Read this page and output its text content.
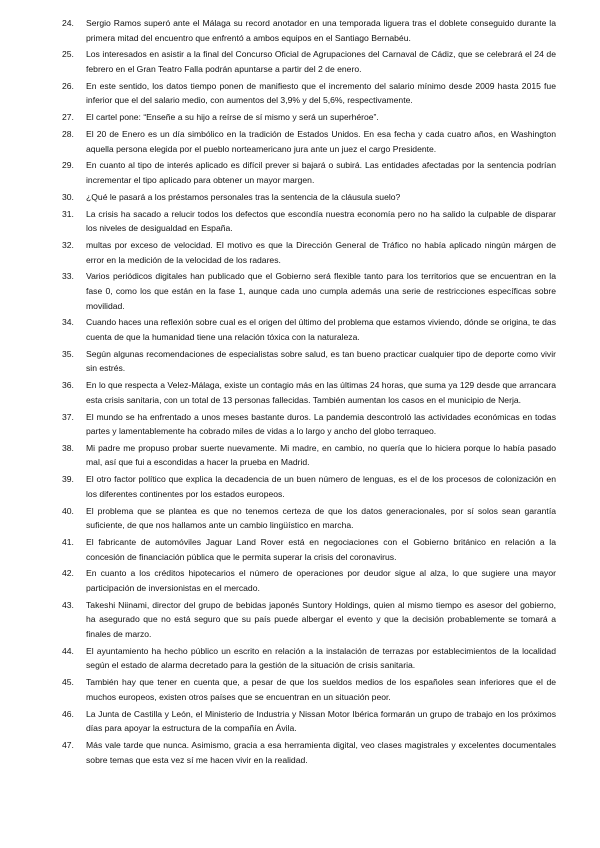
24.	Sergio Ramos superó ante el Málaga su record anotador en una temporada liguera tras el doblete conseguido durante la primera mitad del encuentro que enfrentó a ambos equipos en el Santiago Bernabéu.
25.	Los interesados en asistir a la final del Concurso Oficial de Agrupaciones del Carnaval de Cádiz, que se celebrará el 24 de febrero en el Gran Teatro Falla podrán apuntarse a partir del 2 de enero.
26.	En este sentido, los datos tiempo ponen de manifiesto que el incremento del salario mínimo desde 2009 hasta 2015 fue inferior que el del salario medio, con aumentos del 3,9% y del 5,6%, respectivamente.
27.	El cartel pone: “Enseñe a su hijo a reírse de sí mismo y será un superhéroe”.
28.	El 20 de Enero es un día simbólico en la tradición de Estados Unidos. En esa fecha y cada cuatro años, en Washington aquella persona elegida por el pueblo norteamericano jura ante un juez el cargo Presidente.
29.	En cuanto al tipo de interés aplicado es difícil prever si bajará o subirá. Las entidades afectadas por la sentencia podrían incrementar el tipo aplicado para obtener un mayor margen.
30.	¿Qué le pasará a los préstamos personales tras la sentencia de la cláusula suelo?
31.	La crisis ha sacado a relucir todos los defectos que escondía nuestra economía pero no ha salido la culpable de disparar los niveles de desigualdad en España.
32.	multas por exceso de velocidad. El motivo es que la Dirección General de Tráfico no había aplicado ningún márgen de error en la medición de la velocidad de los radares.
33.	Varios periódicos digitales han publicado que el Gobierno será flexible tanto para los territorios que se encuentran en la fase 0, como los que están en la fase 1, aunque cada uno cumpla además una serie de restricciones específicas sobre movilidad.
34.	Cuando haces una reflexión sobre cual es el origen del último del problema que estamos viviendo, dónde se origina, te das cuenta de que la humanidad tiene una relación tóxica con la naturaleza.
35.	Según algunas recomendaciones de especialistas sobre salud, es tan bueno practicar cualquier tipo de deporte como vivir sin estrés.
36.	En lo que respecta a Velez-Málaga, existe un contagio más en las últimas 24 horas, que suma ya 129 desde que arrancara esta crisis sanitaria, con un total de 13 personas fallecidas. También aumentan los casos en el municipio de Nerja.
37.	El mundo se ha enfrentado a unos meses bastante duros. La pandemia descontroló las actividades económicas en todas partes y lamentablemente ha cobrado miles de vidas a lo largo y ancho del globo terraqueo.
38.	Mi padre me propuso probar suerte nuevamente. Mi madre, en cambio, no quería que lo hiciera porque lo había pasado mal, así que fui a escondidas a hacer la prueba en Madrid.
39.	El otro factor político que explica la decadencia de un buen número de lenguas, es el de los procesos de colonización en los diferentes continentes por los estados europeos.
40.	El problema que se plantea es que no tenemos certeza de que los datos generacionales, por sí solos sean garantía suficiente, de que nos hallamos ante un cambio lingüístico en marcha.
41.	El fabricante de automóviles Jaguar Land Rover está en negociaciones con el Gobierno británico en relación a la concesión de financiación pública que le permita superar la crisis del coronavirus.
42.	En cuanto a los créditos hipotecarios el número de operaciones por deudor sigue al alza, lo que sugiere una mayor participación de inversionistas en el mercado.
43.	Takeshi Niinami, director del grupo de bebidas japonés Suntory Holdings, quien al mismo tiempo es asesor del gobierno, ha asegurado que no está seguro que su país puede albergar el evento y que la decisión probablemente se tomará a finales de marzo.
44.	El ayuntamiento ha hecho público un escrito en relación a la instalación de terrazas por establecimientos de la localidad según el estado de alarma decretado para la gestión de la situación de crisis sanitaria.
45.	También hay que tener en cuenta que, a pesar de que los sueldos medios de los españoles sean inferiores que el de muchos europeos, existen otros países que se encuentran en un situación peor.
46.	La Junta de Castilla y León, el Ministerio de Industria y Nissan Motor Ibérica formarán un grupo de trabajo en los próximos días para apoyar la estructura de la compañía en Ávila.
47.	Más vale tarde que nunca. Asimismo, gracia a esa herramienta digital, veo clases magistrales y excelentes documentales sobre temas que esta vez sí me hacen vivir en la realidad.
